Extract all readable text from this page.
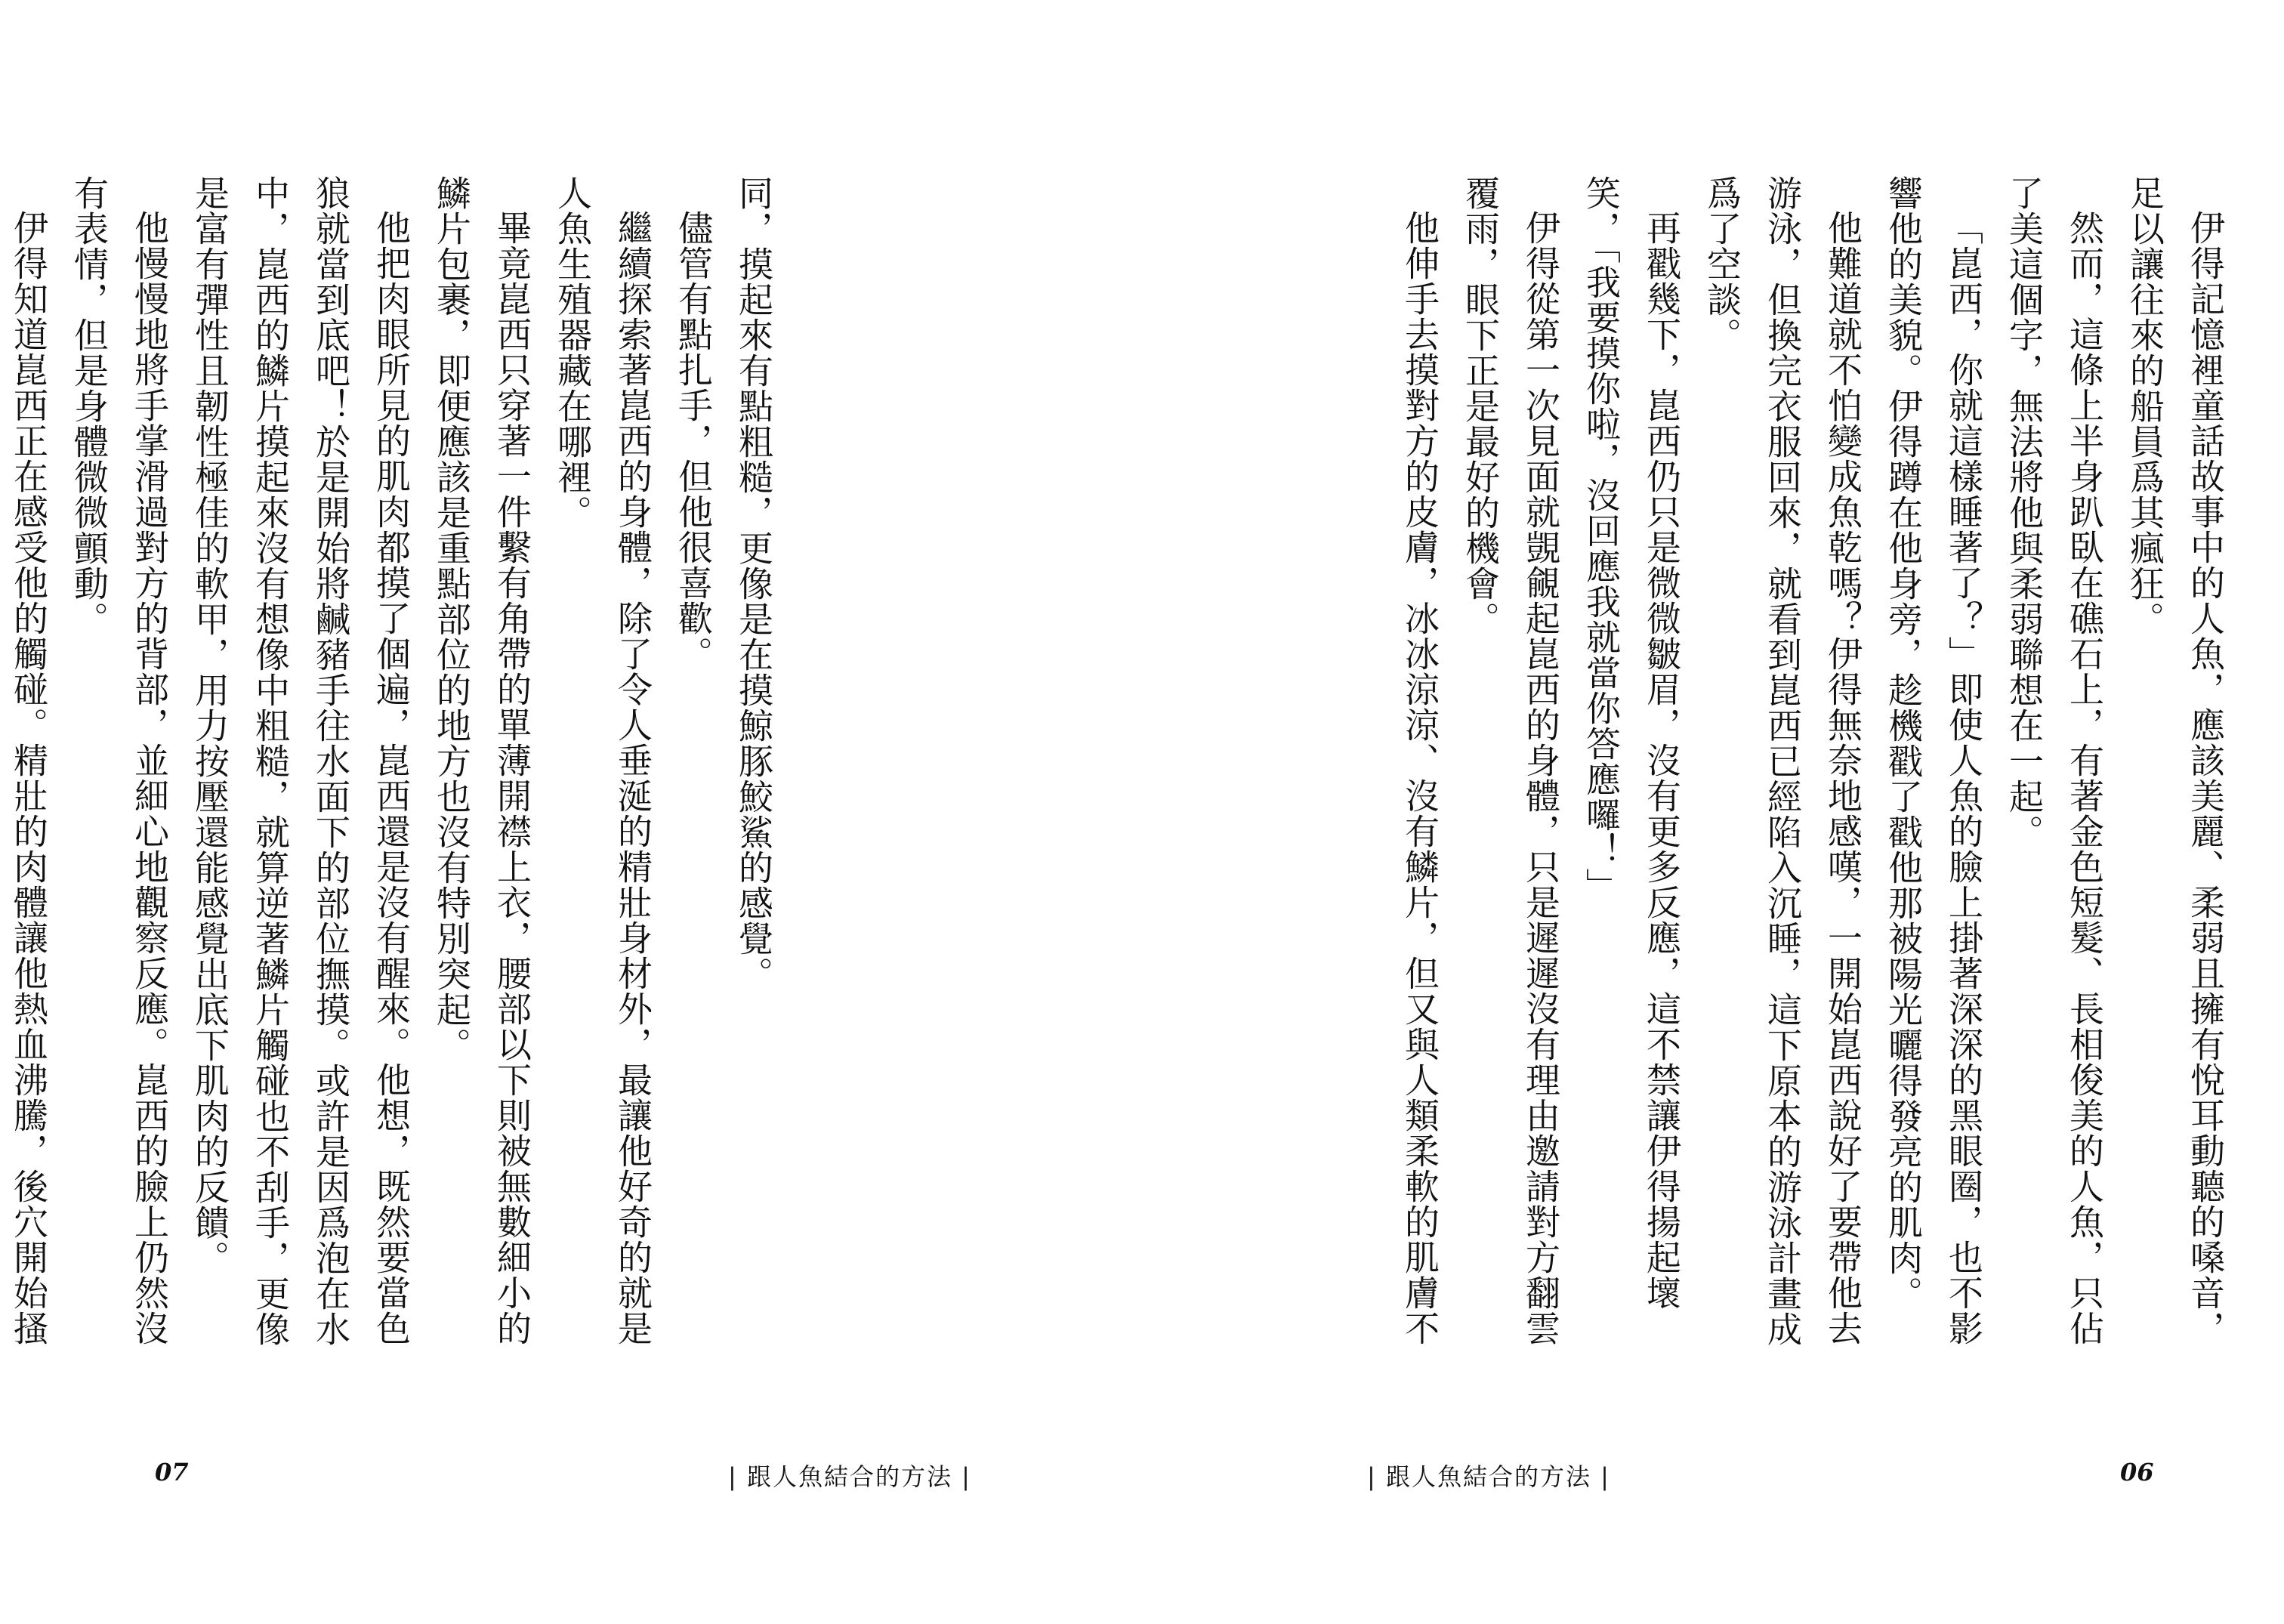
伊得記憶裡童話故事中的人魚，應該美麗、柔弱且擁有悅耳動聽的嗓音，足以讓往來的船員爲其瘋狂。

然而，這條上半身趴臥在礁石上，有著金色短髮、長相俊美的人魚，只佔了美這個字，無法將他與柔弱聯想在一起。

「崑西，你就這樣睡著了？」即使人魚的臉上掛著深深的黑眼圈，也不影響他的美貌。伊得蹲在他身旁，趁機戳了戳他那被陽光曬得發亮的肌肉。

他難道就不怕變成魚乾嗎？伊得無奈地感嘆，一開始崑西說好了要帶他去游泳，但換完衣服回來，就看到崑西已經陷入沉睡，這下原本的游泳計畫成爲了空談。

再戳幾下，崑西仍只是微微皺眉，沒有更多反應，這不禁讓伊得揚起壞笑，「我要摸你啦，沒回應我就當你答應囉！」

伊得從第一次見面就覬覦起崑西的身體，只是遲遲沒有理由邀請對方翻雲覆雨，眼下正是最好的機會。

他伸手去摸對方的皮膚，冰冰涼涼、沒有鱗片，但又與人類柔軟的肌膚不

| 跟人魚結合的方法 |	06

同，摸起來有點粗糙，更像是在摸鯨豚鮫鯊的感覺。

儘管有點扎手，但他很喜歡。

繼續探索著崑西的身體，除了令人垂涎的精壯身材外，最讓他好奇的就是人魚生殖器藏在哪裡。

畢竟崑西只穿著一件繫有角帶的單薄開襟上衣，腰部以下則被無數細小的鱗片包裹，即便應該是重點部位的地方也沒有特別突起。

他把肉眼所見的肌肉都摸了個遍，崑西還是沒有醒來。他想，既然要當色狼就當到底吧！於是開始將鹹豬手往水面下的部位撫摸。或許是因爲泡在水中，崑西的鱗片摸起來沒有想像中粗糙，就算逆著鱗片觸碰也不刮手，更像是富有彈性且韌性極佳的軟甲，用力按壓還能感覺出底下肌肉的反饋。

他慢慢地將手掌滑過對方的背部，並細心地觀察反應。崑西的臉上仍然沒有表情，但是身體微微顫動。

伊得知道崑西正在感受他的觸碰。精壯的肉體讓他熱血沸騰，後穴開始搔

| 跟人魚結合的方法 |
07
